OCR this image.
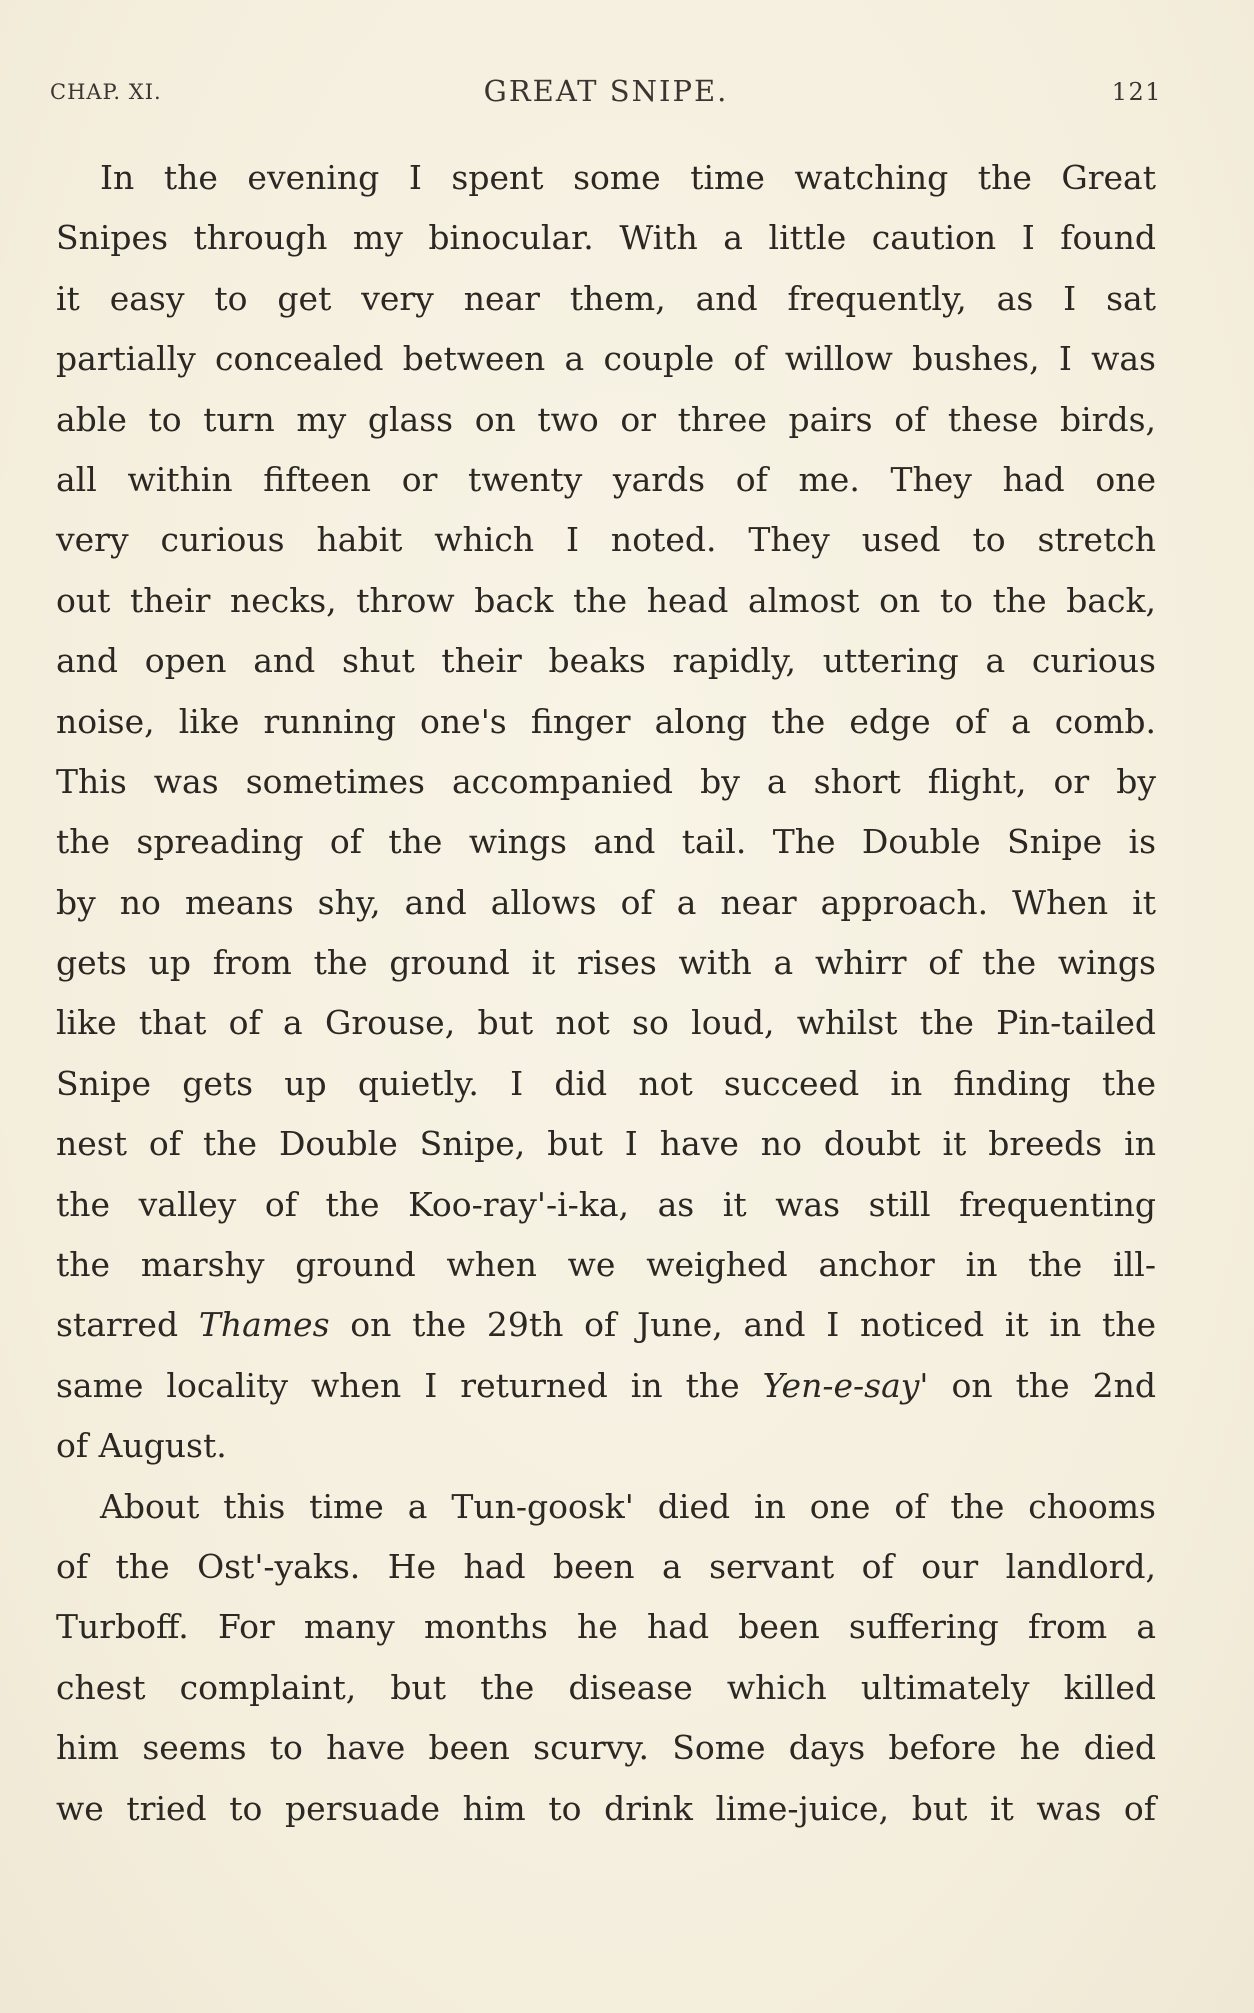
CHAP. XI.	GREAT SNIPE.	121
In the evening I spent some time watching the Great
Snipes through my binocular. With a little caution I found
it easy to get very near them, and frequently, as I sat
partially concealed between a couple of willow bushes, I was
able to turn my glass on two or three pairs of these birds,
all within fifteen or twenty yards of me. They had one
very curious habit which I noted. They used to stretch
out their necks, throw back the head almost on to the back,
and open and shut their beaks rapidly, uttering a curious
noise, like running one's finger along the edge of a comb.
This was sometimes accompanied by a short flight, or by
the spreading of the wings and tail. The Double Snipe is
by no means shy, and allows of a near approach. When it
gets up from the ground it rises with a whirr of the wings
like that of a Grouse, but not so loud, whilst the Pin-tailed
Snipe gets up quietly. I did not succeed in finding the
nest of the Double Snipe, but I have no doubt it breeds in
the valley of the Koo-ray'-i-ka, as it was still frequenting
the marshy ground when we weighed anchor in the ill-
starred Thames on the 29th of June, and I noticed it in the
same locality when I returned in the Yen-e-say' on the 2nd
of August.
About this time a Tun-goosk' died in one of the chooms
of the Ost'-yaks. He had been a servant of our landlord,
Turboff. For many months he had been suffering from a
chest complaint, but the disease which ultimately killed
him seems to have been scurvy. Some days before he died
we tried to persuade him to drink lime-juice, but it was of
